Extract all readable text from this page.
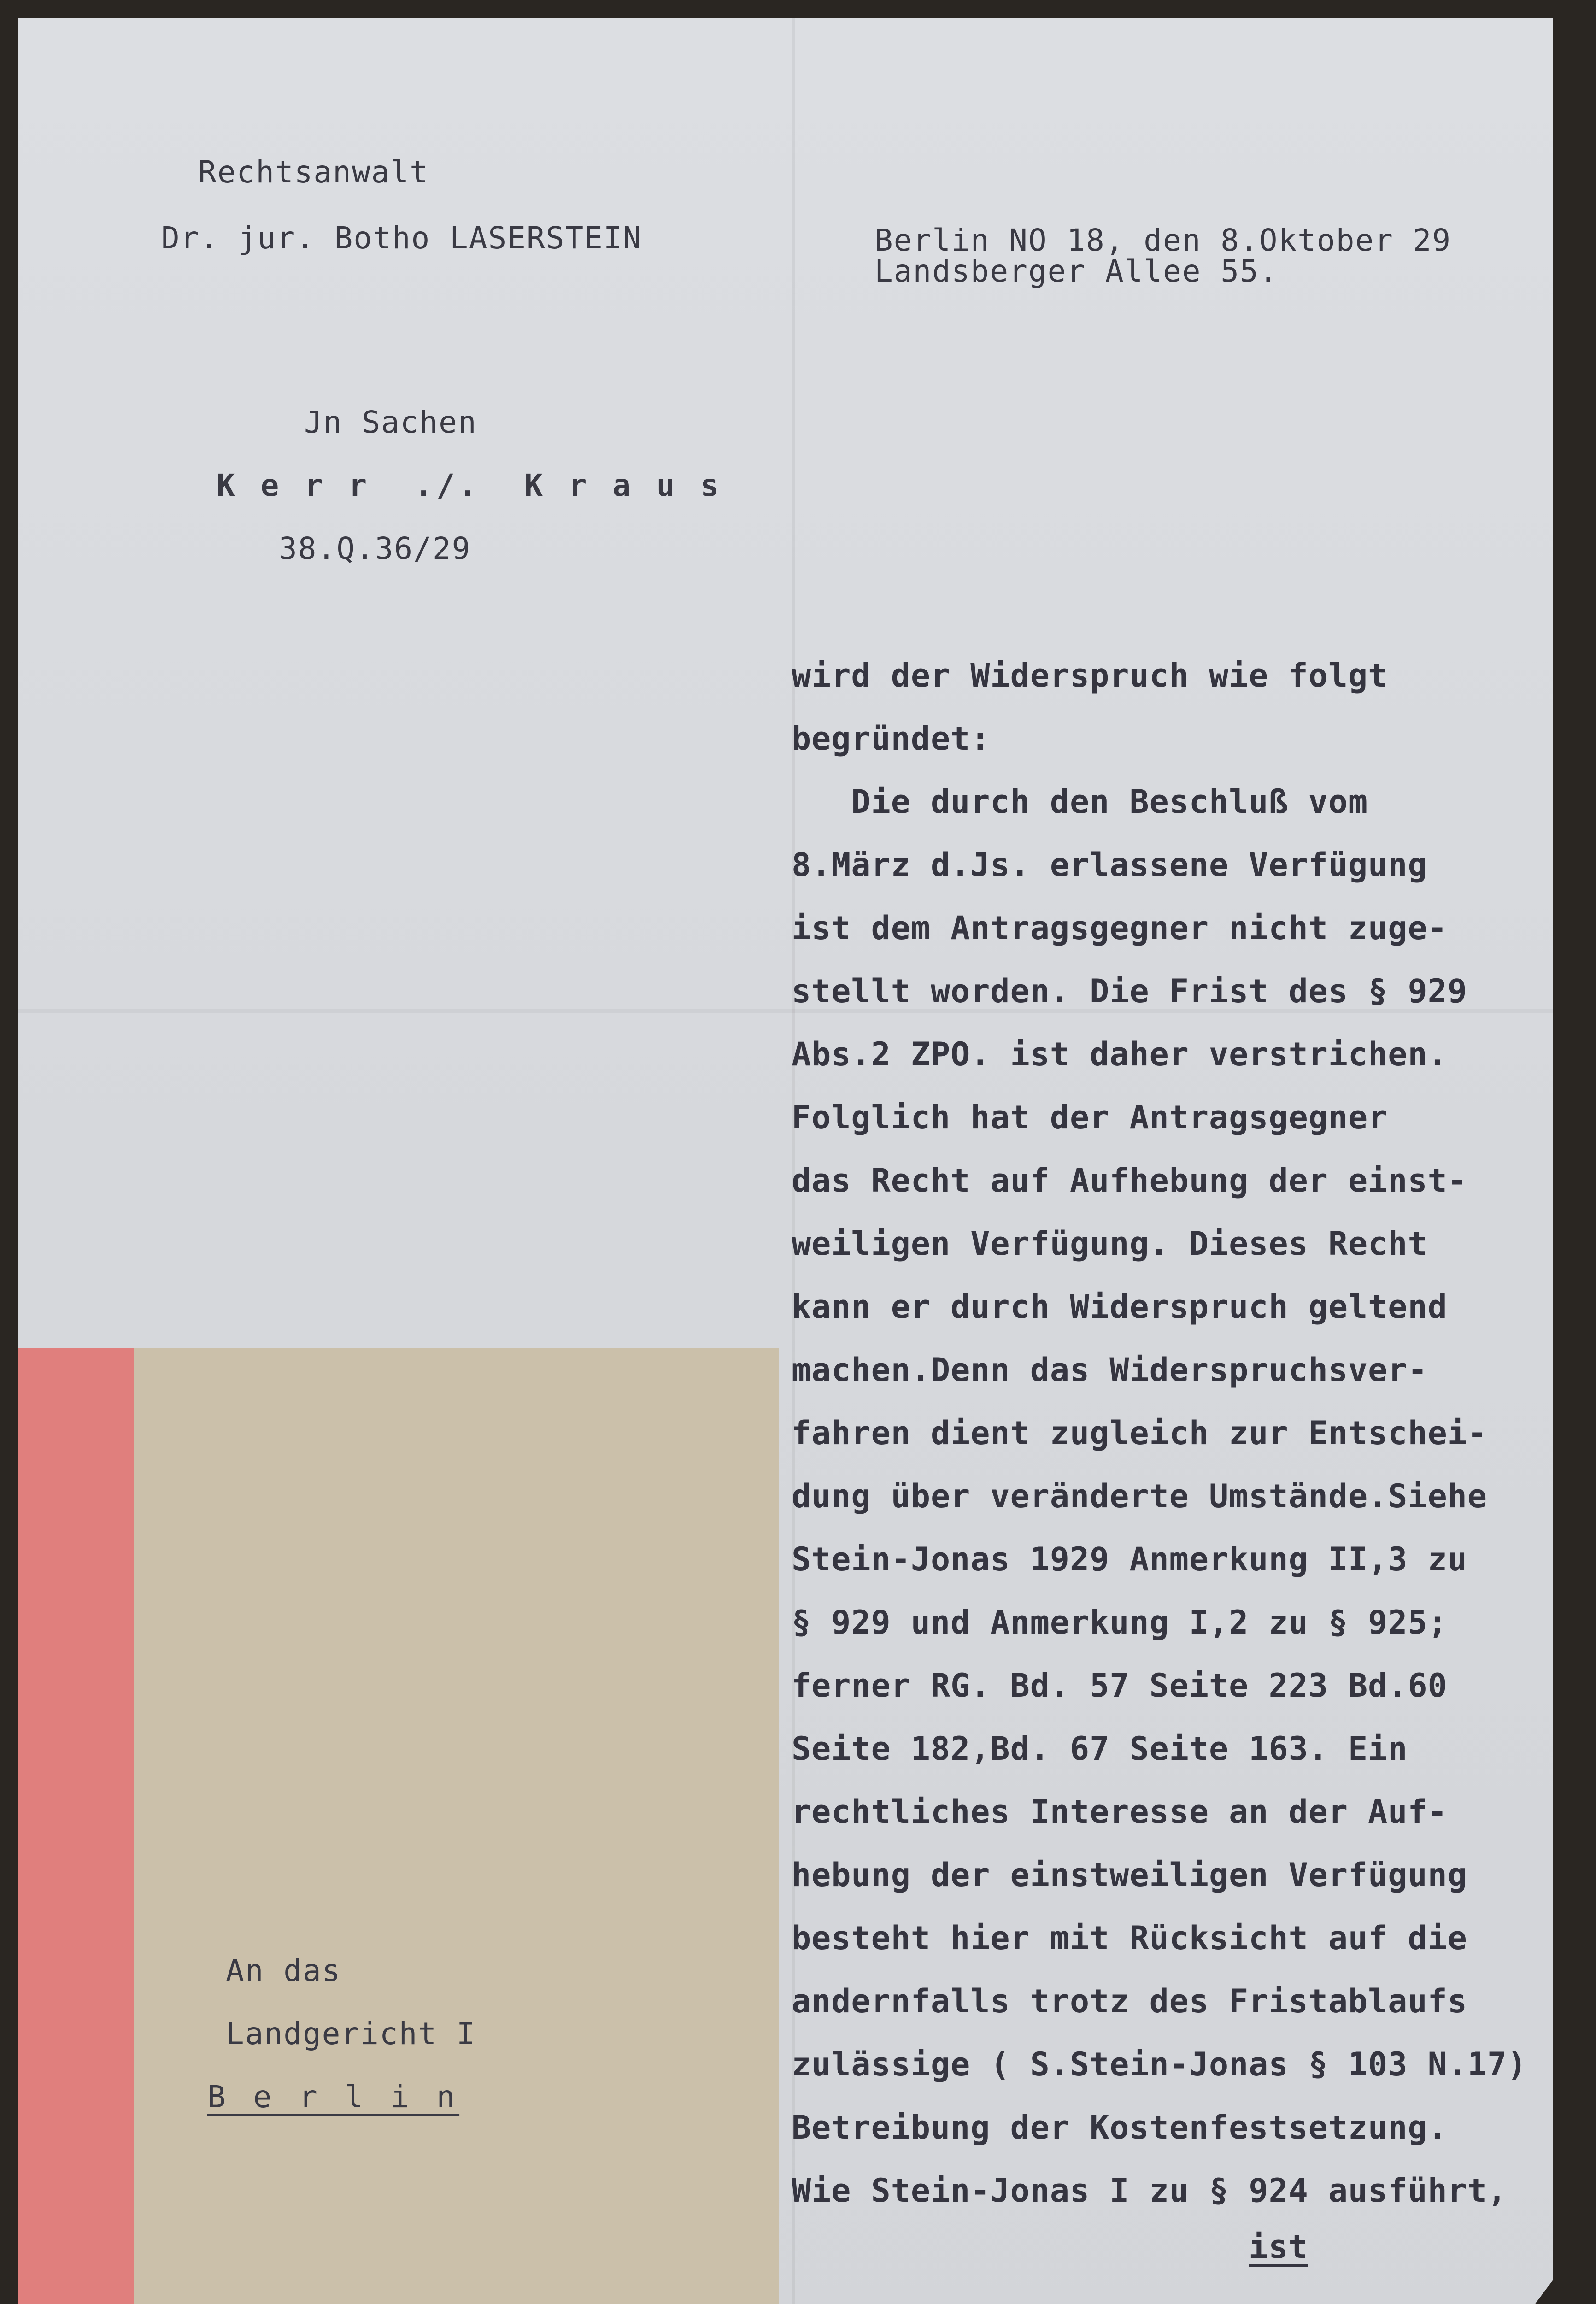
Rechtsanwalt
Dr. jur. Botho LASERSTEIN	Berlin NO 18, den 8.Oktober 29
Landsberger Allee 55.
Jn Sachen
K e r r  ./.  K r a u s
38.Q.36/29
An das
Landgericht I
B e r l i n
wird der Widerspruch wie folgt
begründet:
Die durch den Beschluß vom
8.März d.Js. erlassene Verfügung
ist dem Antragsgegner nicht zuge-
stellt worden. Die Frist des § 929
Abs.2 ZPO. ist daher verstrichen.
Folglich hat der Antragsgegner
das Recht auf Aufhebung der einst-
weiligen Verfügung. Dieses Recht
kann er durch Widerspruch geltend
machen.Denn das Widerspruchsver-
fahren dient zugleich zur Entschei-
dung über veränderte Umstände.Siehe
Stein-Jonas 1929 Anmerkung II,3 zu
§ 929 und Anmerkung I,2 zu § 925;
ferner RG. Bd. 57 Seite 223 Bd.60
Seite 182,Bd. 67 Seite 163. Ein
rechtliches Interesse an der Auf-
hebung der einstweiligen Verfügung
besteht hier mit Rücksicht auf die
andernfalls trotz des Fristablaufs
zulässige ( S.Stein-Jonas § 103 N.17)
Betreibung der Kostenfestsetzung.
Wie Stein-Jonas I zu § 924 ausführt,
ist
